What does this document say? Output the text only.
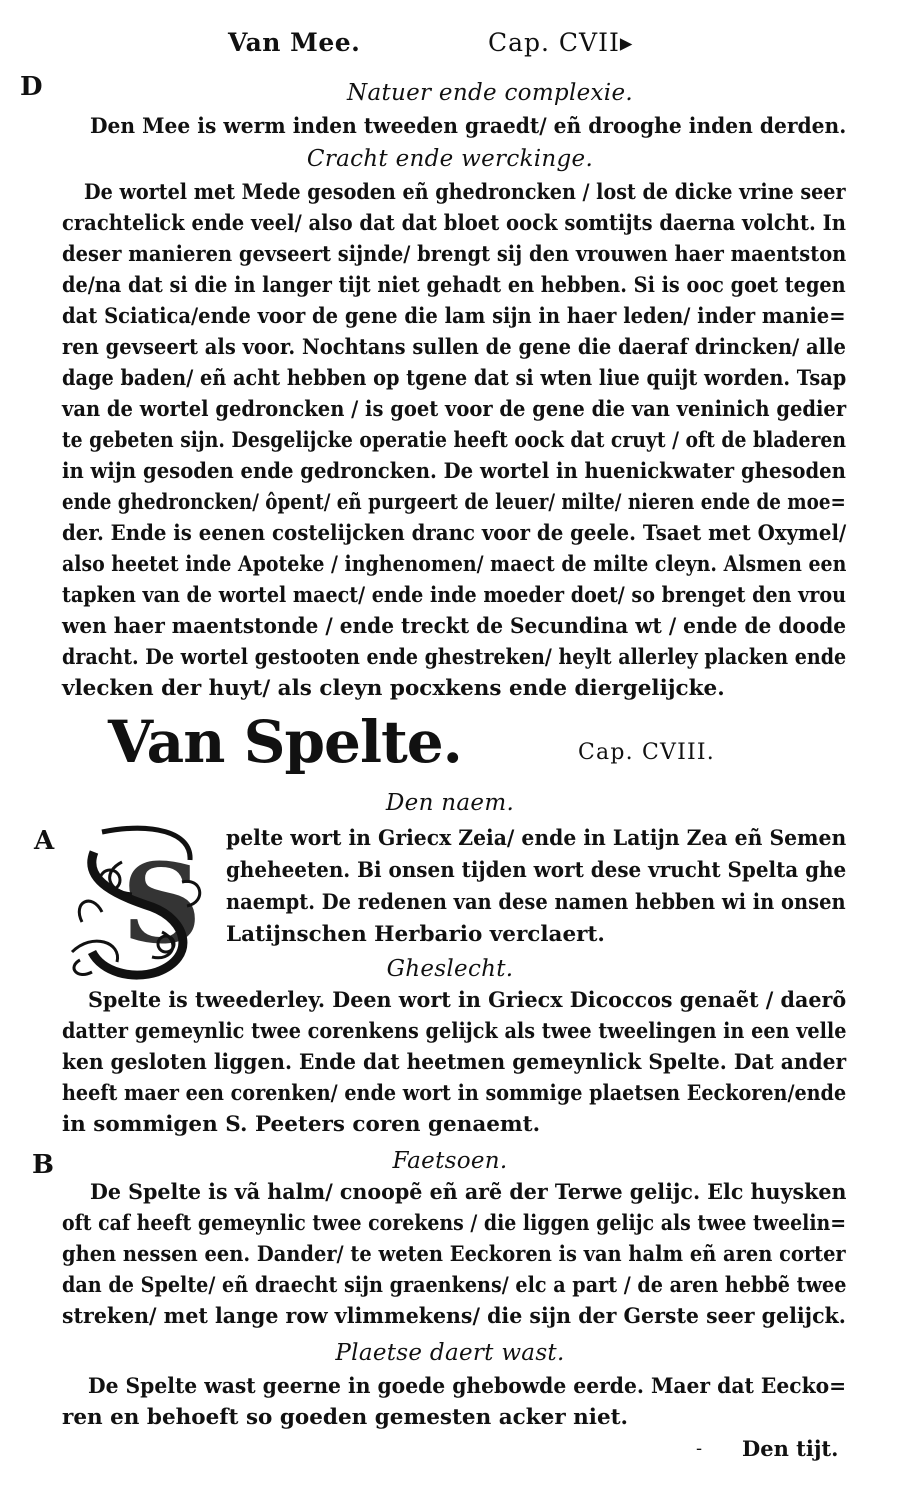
Van Mee.	Cap. CVII▸
D	Natuer ende complexie.
Den Mee is werm inden tweeden graedt/ eñ drooghe inden derden.
Cracht ende werckinge.
De wortel met Mede gesoden eñ ghedroncken / lost de dicke vrine seer
crachtelick ende veel/ also dat dat bloet oock somtijts daerna volcht. In
deser manieren gevseert sijnde/ brengt sij den vrouwen haer maentston
de/na dat si die in langer tijt niet gehadt en hebben. Si is ooc goet tegen
dat Sciatica/ende voor de gene die lam sijn in haer leden/ inder manie=
ren gevseert als voor. Nochtans sullen de gene die daeraf drincken/ alle
dage baden/ eñ acht hebben op tgene dat si wten liue quijt worden. Tsap
van de wortel gedroncken / is goet voor de gene die van veninich gedier
te gebeten sijn. Desgelijcke operatie heeft oock dat cruyt / oft de bladeren
in wijn gesoden ende gedroncken. De wortel in huenickwater ghesoden
ende ghedroncken/ ôpent/ eñ purgeert de leuer/ milte/ nieren ende de moe=
der. Ende is eenen costelijcken dranc voor de geele. Tsaet met Oxymel/
also heetet inde Apoteke / inghenomen/ maect de milte cleyn. Alsmen een
tapken van de wortel maect/ ende inde moeder doet/ so brenget den vrou
wen haer maentstonde / ende treckt de Secundina wt / ende de doode
dracht. De wortel gestooten ende ghestreken/ heylt allerley placken ende
vlecken der huyt/ als cleyn pocxkens ende diergelijcke.
Van Spelte.	Cap. CVIII.
Den naem.
A S
pelte wort in Griecx Zeia/ ende in Latijn Zea eñ Semen
gheheeten. Bi onsen tijden wort dese vrucht Spelta ghe
naempt. De redenen van dese namen hebben wi in onsen
Latijnschen Herbario verclaert.
Gheslecht.
Spelte is tweederley. Deen wort in Griecx Dicoccos genaẽt / daerõ
datter gemeynlic twee corenkens gelijck als twee tweelingen in een velle
ken gesloten liggen. Ende dat heetmen gemeynlick Spelte. Dat ander
heeft maer een corenken/ ende wort in sommige plaetsen Eeckoren/ende
in sommigen S. Peeters coren genaemt.
B	Faetsoen.
De Spelte is vã halm/ cnoopẽ eñ arẽ der Terwe gelijc. Elc huysken
oft caf heeft gemeynlic twee corekens / die liggen gelijc als twee tweelin=
ghen nessen een. Dander/ te weten Eeckoren is van halm eñ aren corter
dan de Spelte/ eñ draecht sijn graenkens/ elc a part / de aren hebbẽ twee
streken/ met lange row vlimmekens/ die sijn der Gerste seer gelijck.
Plaetse daert wast.
De Spelte wast geerne in goede ghebowde eerde. Maer dat Eecko=
ren en behoeft so goeden gemesten acker niet.
- Den tijt.
